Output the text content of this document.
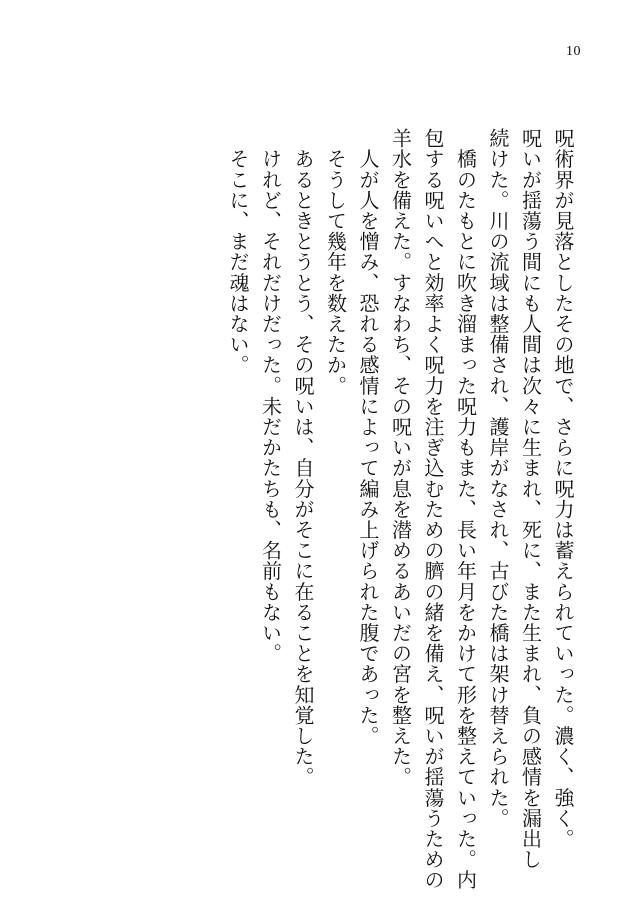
10

呪術界が見落としたその地で、さらに呪力は蓄えられていった。濃く、強く。

呪いが揺蕩う間にも人間は次々に生まれ、死に、また生まれ、負の感情を漏出し

続けた。川の流域は整備され、護岸がなされ、古びた橋は架け替えられた。

　橋のたもとに吹き溜まった呪力もまた、長い年月をかけて形を整えていった。内

包する呪いへと効率よく呪力を注ぎ込むための臍の緒を備え、呪いが揺蕩うための

羊水を備えた。すなわち、その呪いが息を潜めるあいだの宮を整えた。

　人が人を憎み、恐れる感情によって編み上げられた腹であった。

　そうして幾年を数えたか。

　あるときとうとう、その呪いは、自分がそこに在ることを知覚した。

　けれど、それだけだった。未だかたちも、名前もない。

　そこに、まだ魂はない。
